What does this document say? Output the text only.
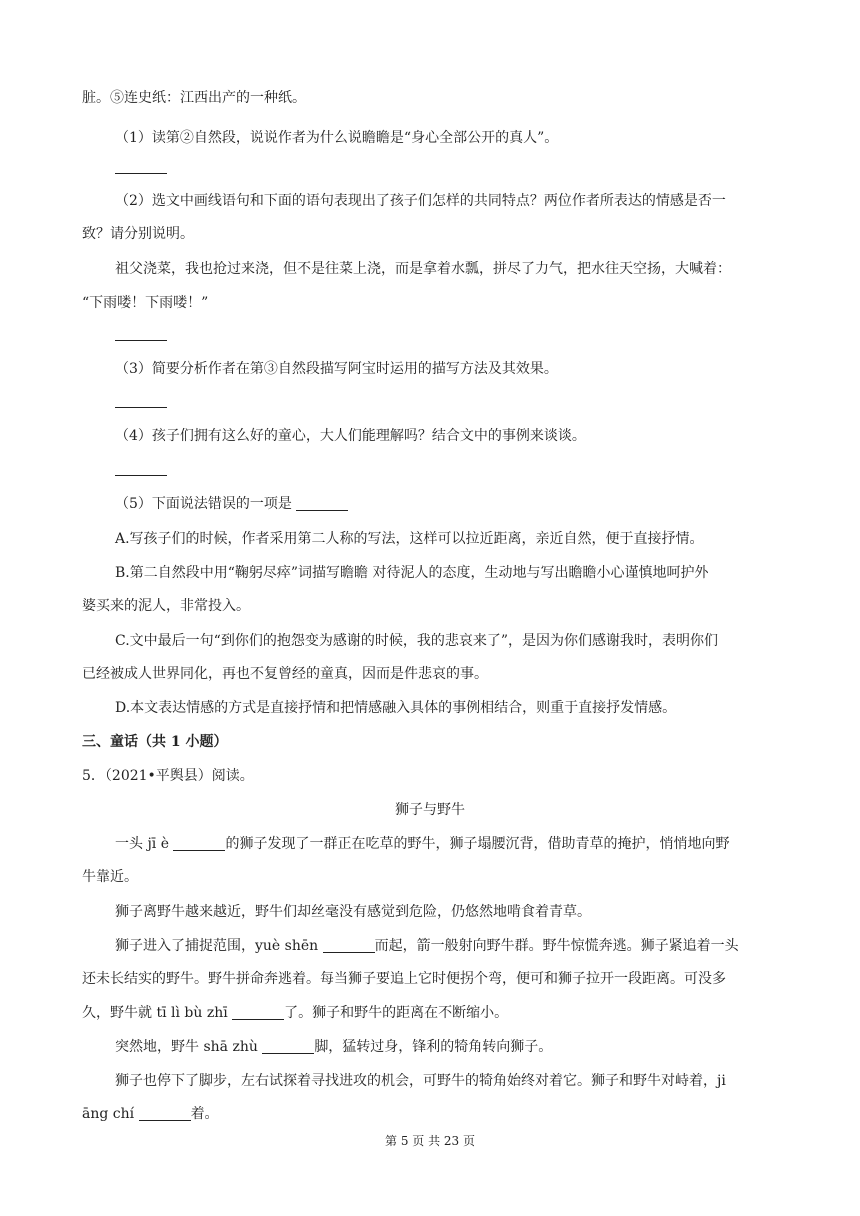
脏。⑤连史纸：江西出产的一种纸。
（1）读第②自然段，说说作者为什么说瞻瞻是“身心全部公开的真人”。
（2）选文中画线语句和下面的语句表现出了孩子们怎样的共同特点？两位作者所表达的情感是否一
致？请分别说明。
祖父浇菜，我也抢过来浇，但不是往菜上浇，而是拿着水瓢，拼尽了力气，把水往天空扬，大喊着：
“下雨喽！下雨喽！”
（3）简要分析作者在第③自然段描写阿宝时运用的描写方法及其效果。
（4）孩子们拥有这么好的童心，大人们能理解吗？结合文中的事例来谈谈。
（5）下面说法错误的一项是
A.写孩子们的时候，作者采用第二人称的写法，这样可以拉近距离，亲近自然，便于直接抒情。
B.第二自然段中用“鞠躬尽瘁”词描写瞻瞻 对待泥人的态度，生动地与写出瞻瞻小心谨慎地呵护外
婆买来的泥人，非常投入。
C.文中最后一句“到你们的抱怨变为感谢的时候，我的悲哀来了”，是因为你们感谢我时，表明你们
已经被成人世界同化，再也不复曾经的童真，因而是件悲哀的事。
D.本文表达情感的方式是直接抒情和把情感融入具体的事例相结合，则重于直接抒发情感。
三、童话（共 1 小题）
5．（2021•平舆县）阅读。
狮子与野牛
一头 jī è	的狮子发现了一群正在吃草的野牛，狮子塌腰沉背，借助青草的掩护，悄悄地向野
牛靠近。
狮子离野牛越来越近，野牛们却丝毫没有感觉到危险，仍悠然地啃食着青草。
狮子进入了捕捉范围，yuè shēn	而起，箭一般射向野牛群。野牛惊慌奔逃。狮子紧追着一头
还未长结实的野牛。野牛拼命奔逃着。每当狮子要追上它时便拐个弯，便可和狮子拉开一段距离。可没多
久，野牛就 tī lì bù zhī	了。狮子和野牛的距离在不断缩小。
突然地，野牛 shā zhù	脚，猛转过身，锋利的犄角转向狮子。
狮子也停下了脚步，左右试探着寻找进攻的机会，可野牛的犄角始终对着它。狮子和野牛对峙着，ji
āng chí	着。
第 5 页 共 23 页
